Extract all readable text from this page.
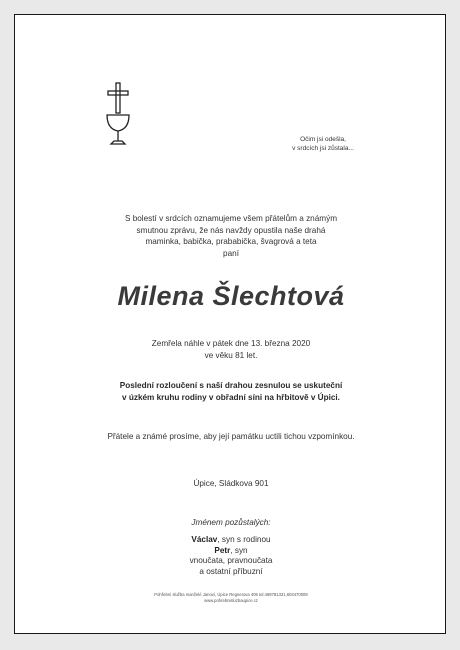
Očim jsi odešla,
v srdcích jsi zůstala...
S bolestí v srdcích oznamujeme všem přátelům a známým
smutnou zprávu, že nás navždy opustila naše drahá
maminka, babička, prababička, švagrová a teta
paní
Milena Šlechtová
Zemřela náhle v pátek dne 13. března 2020
ve věku 81 let.
Poslední rozloučení s naší drahou zesnulou se uskuteční
v úzkém kruhu rodiny v obřadní síni na hřbitově v Úpici.
Přátele a známé prosíme, aby její památku uctili tichou vzpomínkou.
Úpice, Sládkova 901
Jménem pozůstalých:
Václav, syn s rodinou
Petr, syn
vnoučata, pravnoučata
a ostatní příbuzní
Pohřební služba manželé Janoví, Úpice Regnerova 405 tel.499781331,603470008
www.pohrebnisluzbaupice.cz
